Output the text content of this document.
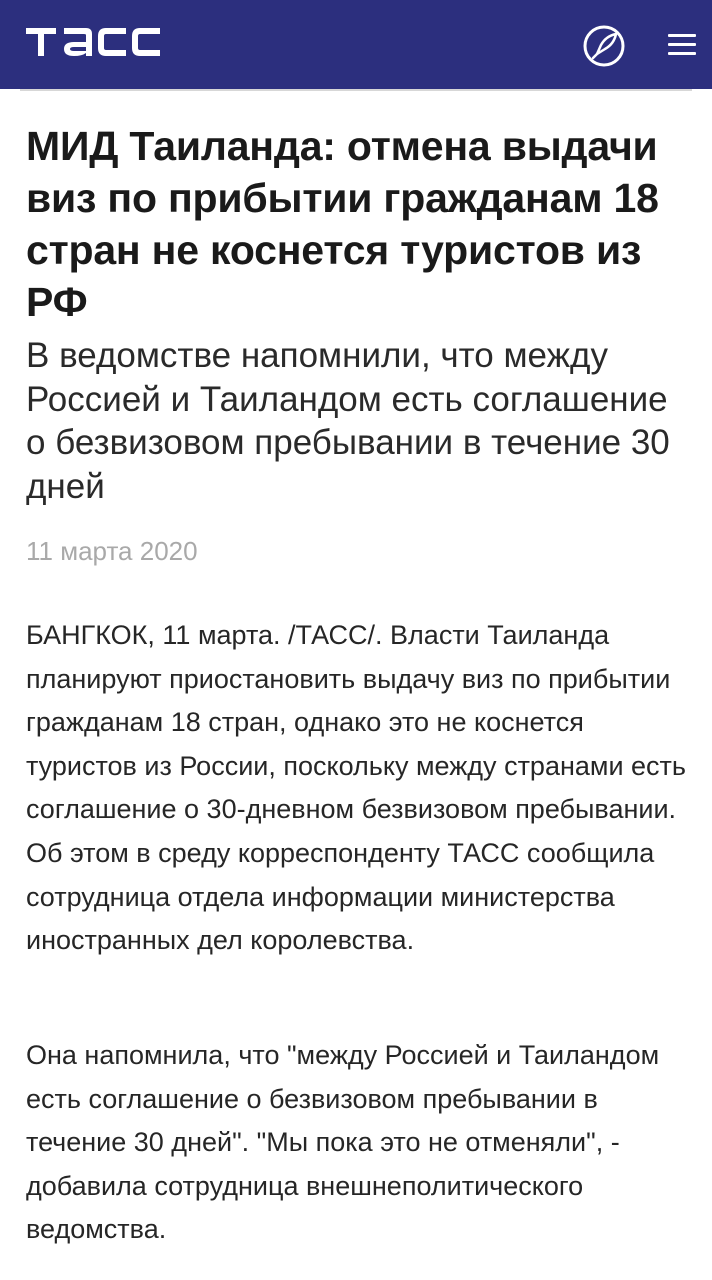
МИД Таиланда: отмена выдачи виз по прибытии гражданам 18 стран не коснется туристов из РФ
В ведомстве напомнили, что между Россией и Таиландом есть соглашение о безвизовом пребывании в течение 30 дней

11 марта 2020

БАНГКОК, 11 марта. /ТАСС/. Власти Таиланда планируют приостановить выдачу виз по прибытии гражданам 18 стран, однако это не коснется туристов из России, поскольку между странами есть соглашение о 30-дневном безвизовом пребывании. Об этом в среду корреспонденту ТАСС сообщила сотрудница отдела информации министерства иностранных дел королевства.

Она напомнила, что "между Россией и Таиландом есть соглашение о безвизовом пребывании в течение 30 дней". "Мы пока это не отменяли", - добавила сотрудница внешнеполитического ведомства.
